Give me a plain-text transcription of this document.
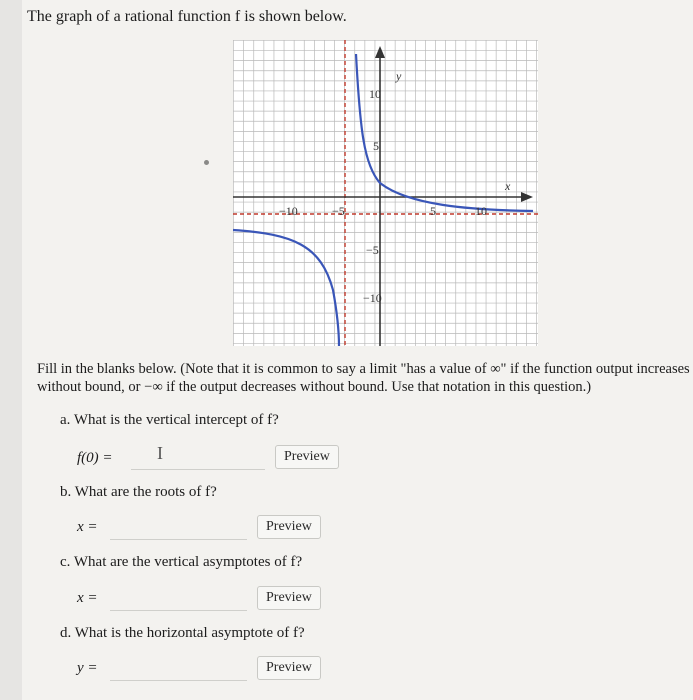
The graph of a rational function f is shown below.
x
y
10
5
−5
−10
−10	−5	5	10
Fill in the blanks below. (Note that it is common to say a limit "has a value of ∞" if the function output increases without bound, or −∞ if the output decreases without bound. Use that notation in this question.)
a. What is the vertical intercept of f?
f(0) = I	Preview
b. What are the roots of f?
x =	Preview
c. What are the vertical asymptotes of f?
x =	Preview
d. What is the horizontal asymptote of f?
y =	Preview
